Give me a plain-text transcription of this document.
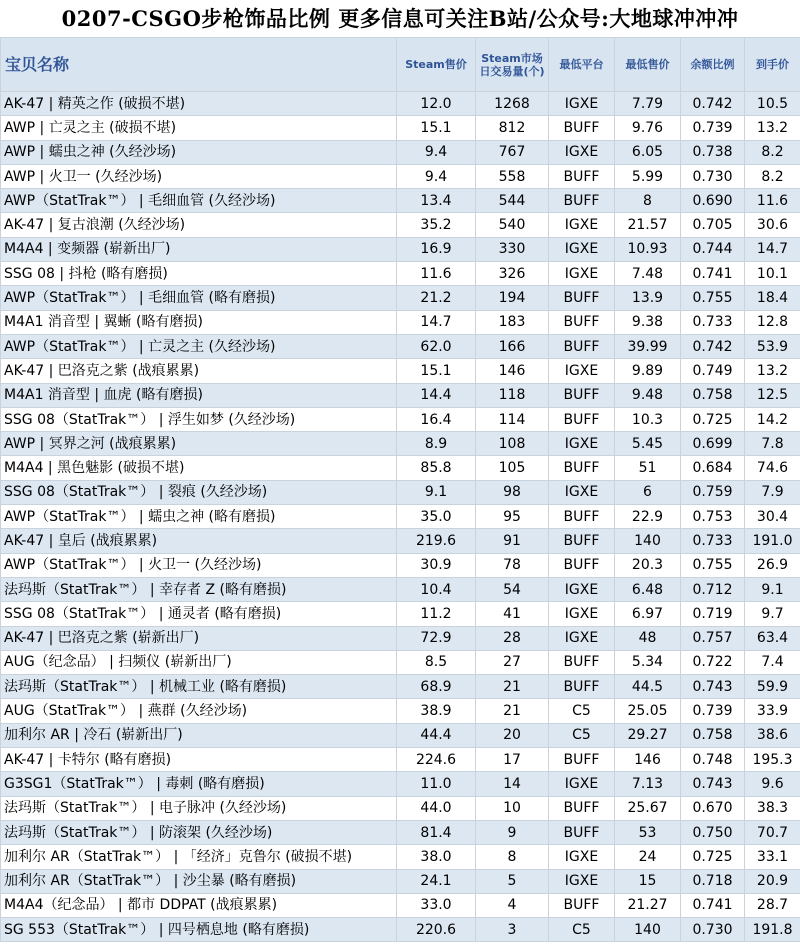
0207-CSGO步枪饰品比例 更多信息可关注B站/公众号:大地球冲冲冲
宝贝名称	Steam售价	Steam市场日交易量(个)	最低平台	最低售价	余额比例	到手价
AK-47 | 精英之作 (破损不堪)	12.0	1268	IGXE	7.79	0.742	10.5
AWP | 亡灵之主 (破损不堪)	15.1	812	BUFF	9.76	0.739	13.2
AWP | 蠕虫之神 (久经沙场)	9.4	767	IGXE	6.05	0.738	8.2
AWP | 火卫一 (久经沙场)	9.4	558	BUFF	5.99	0.730	8.2
AWP（StatTrak™） | 毛细血管 (久经沙场)	13.4	544	BUFF	8	0.690	11.6
AK-47 | 复古浪潮 (久经沙场)	35.2	540	IGXE	21.57	0.705	30.6
M4A4 | 变频器 (崭新出厂)	16.9	330	IGXE	10.93	0.744	14.7
SSG 08 | 抖枪 (略有磨损)	11.6	326	IGXE	7.48	0.741	10.1
AWP（StatTrak™） | 毛细血管 (略有磨损)	21.2	194	BUFF	13.9	0.755	18.4
M4A1 消音型 | 翼蜥 (略有磨损)	14.7	183	BUFF	9.38	0.733	12.8
AWP（StatTrak™） | 亡灵之主 (久经沙场)	62.0	166	BUFF	39.99	0.742	53.9
AK-47 | 巴洛克之紫 (战痕累累)	15.1	146	IGXE	9.89	0.749	13.2
M4A1 消音型 | 血虎 (略有磨损)	14.4	118	BUFF	9.48	0.758	12.5
SSG 08（StatTrak™） | 浮生如梦 (久经沙场)	16.4	114	BUFF	10.3	0.725	14.2
AWP | 冥界之河 (战痕累累)	8.9	108	IGXE	5.45	0.699	7.8
M4A4 | 黑色魅影 (破损不堪)	85.8	105	BUFF	51	0.684	74.6
SSG 08（StatTrak™） | 裂痕 (久经沙场)	9.1	98	IGXE	6	0.759	7.9
AWP（StatTrak™） | 蠕虫之神 (略有磨损)	35.0	95	BUFF	22.9	0.753	30.4
AK-47 | 皇后 (战痕累累)	219.6	91	BUFF	140	0.733	191.0
AWP（StatTrak™） | 火卫一 (久经沙场)	30.9	78	BUFF	20.3	0.755	26.9
法玛斯（StatTrak™） | 幸存者 Z (略有磨损)	10.4	54	IGXE	6.48	0.712	9.1
SSG 08（StatTrak™） | 通灵者 (略有磨损)	11.2	41	IGXE	6.97	0.719	9.7
AK-47 | 巴洛克之紫 (崭新出厂)	72.9	28	IGXE	48	0.757	63.4
AUG（纪念品） | 扫频仪 (崭新出厂)	8.5	27	BUFF	5.34	0.722	7.4
法玛斯（StatTrak™） | 机械工业 (略有磨损)	68.9	21	BUFF	44.5	0.743	59.9
AUG（StatTrak™） | 燕群 (久经沙场)	38.9	21	C5	25.05	0.739	33.9
加利尔 AR | 冷石 (崭新出厂)	44.4	20	C5	29.27	0.758	38.6
AK-47 | 卡特尔 (略有磨损)	224.6	17	BUFF	146	0.748	195.3
G3SG1（StatTrak™） | 毒刺 (略有磨损)	11.0	14	IGXE	7.13	0.743	9.6
法玛斯（StatTrak™） | 电子脉冲 (久经沙场)	44.0	10	BUFF	25.67	0.670	38.3
法玛斯（StatTrak™） | 防滚架 (久经沙场)	81.4	9	BUFF	53	0.750	70.7
加利尔 AR（StatTrak™） | 「经济」克鲁尔 (破损不堪)	38.0	8	IGXE	24	0.725	33.1
加利尔 AR（StatTrak™） | 沙尘暴 (略有磨损)	24.1	5	IGXE	15	0.718	20.9
M4A4（纪念品） | 都市 DDPAT (战痕累累)	33.0	4	BUFF	21.27	0.741	28.7
SG 553（StatTrak™） | 四号栖息地 (略有磨损)	220.6	3	C5	140	0.730	191.8
